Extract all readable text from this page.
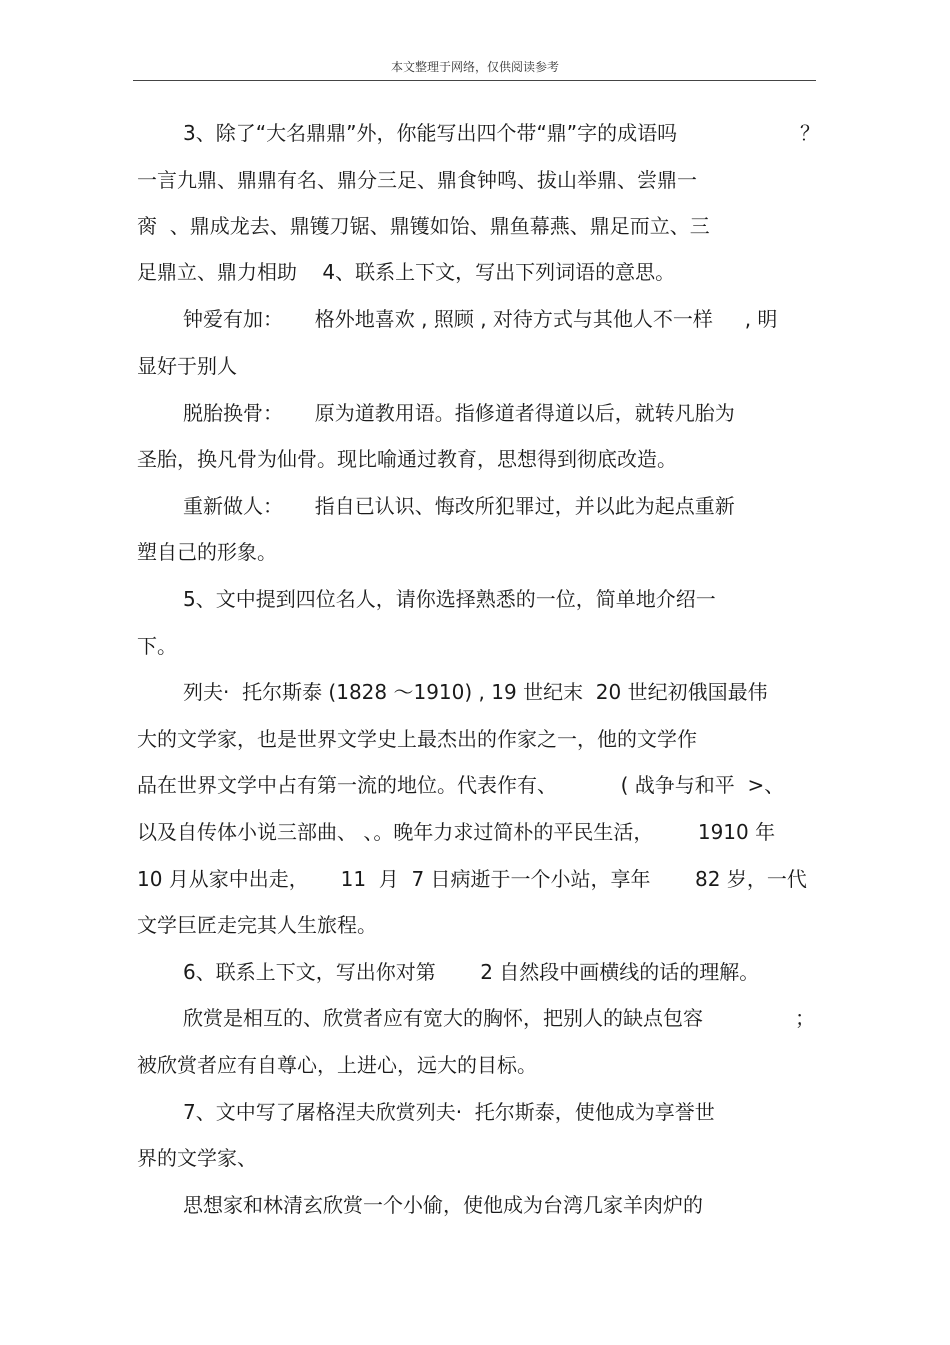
本文整理于网络，仅供阅读参考
3、除了“大名鼎鼎”外，你能写出四个带“鼎”字的成语吗	？
一言九鼎、鼎鼎有名、鼎分三足、鼎食钟鸣、拔山举鼎、尝鼎一
脔  、鼎成龙去、鼎镬刀锯、鼎镬如饴、鼎鱼幕燕、鼎足而立、三
足鼎立、鼎力相助    4、联系上下文，写出下列词语的意思。
钟爱有加：     格外地喜欢 , 照顾 , 对待方式与其他人不一样     , 明
显好于别人
脱胎换骨：     原为道教用语。指修道者得道以后，就转凡胎为
圣胎，换凡骨为仙骨。现比喻通过教育，思想得到彻底改造。
重新做人：     指自已认识、悔改所犯罪过，并以此为起点重新
塑自己的形象。
5、文中提到四位名人，请你选择熟悉的一位，简单地介绍一
下。
列夫·  托尔斯泰 (1828 ～1910) , 19 世纪末  20 世纪初俄国最伟
大的文学家，也是世界文学史上最杰出的作家之一，他的文学作
品在世界文学中占有第一流的地位。代表作有、          ( 战争与和平  >、
以及自传体小说三部曲、 、。晚年力求过简朴的平民生活，       1910 年
10 月从家中出走，     11  月  7 日病逝于一个小站，享年       82 岁，一代
文学巨匠走完其人生旅程。
6、联系上下文，写出你对第       2 自然段中画横线的话的理解。
欣赏是相互的、欣赏者应有宽大的胸怀，把别人的缺点包容	；
被欣赏者应有自尊心，上进心，远大的目标。
7、文中写了屠格涅夫欣赏列夫·  托尔斯泰，使他成为享誉世
界的文学家、
思想家和林清玄欣赏一个小偷，使他成为台湾几家羊肉炉的
